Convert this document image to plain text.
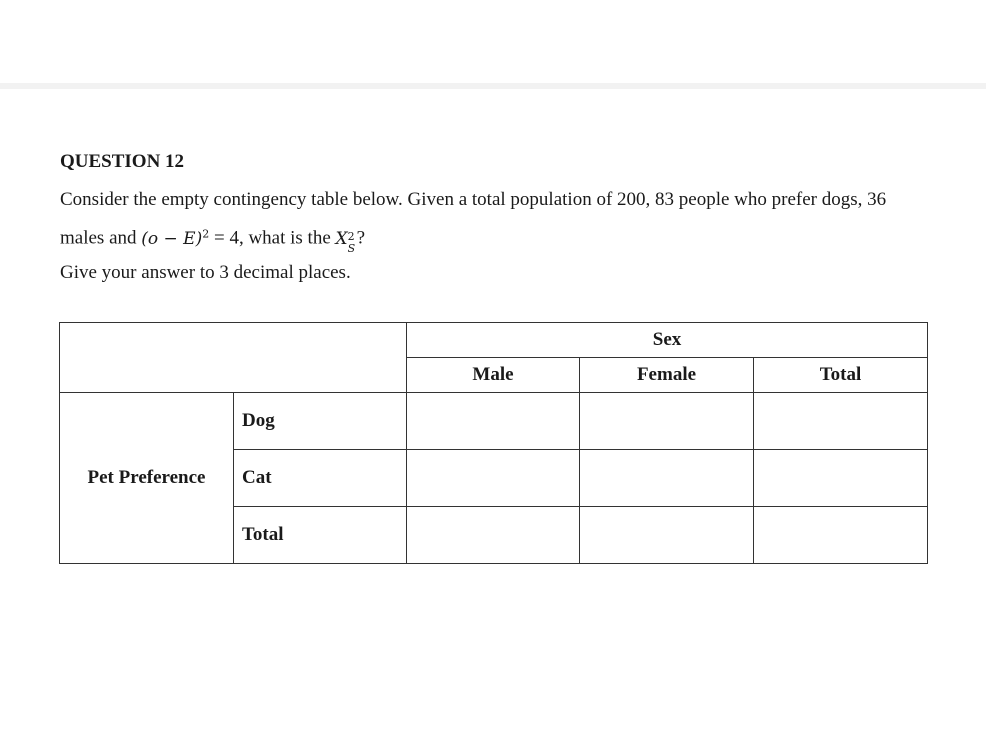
QUESTION 12

Consider the empty contingency table below. Given a total population of 200, 83 people who prefer dogs, 36

males and $(o - E)^2 = 4$, what is the X 2
S ?

Give your answer to 3 decimal places.

		Sex		
		Male	Female	Total
Pet Preference	Dog			
	Cat			
	Total			
